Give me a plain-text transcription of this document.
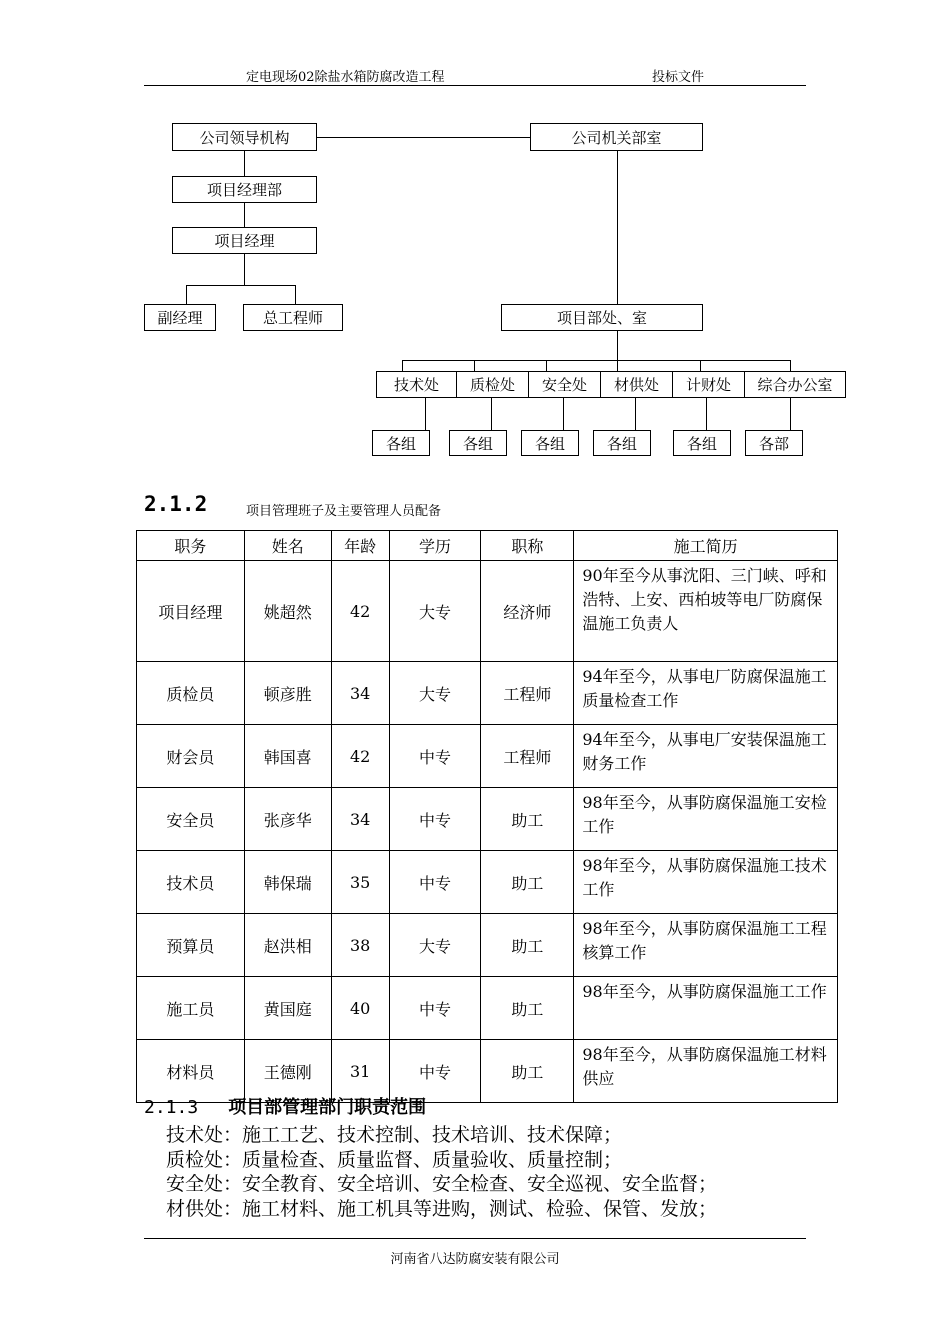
定电现场02除盐水箱防腐改造工程	投标文件
公司领导机构	公司机关部室
项目经理部
项目经理
副经理	总工程师	项目部处、室
技术处	质检处	安全处	材供处	计财处	综合办公室
各组	各组	各组	各组	各组	各部
2.1.2	项目管理班子及主要管理人员配备
职务	姓名	年龄	学历	职称	施工简历
项目经理	姚超然	42	大专	经济师	90年至今从事沈阳、三门峡、呼和浩特、上安、西柏坡等电厂防腐保温施工负责人
质检员	顿彦胜	34	大专	工程师	94年至今，从事电厂防腐保温施工质量检查工作
财会员	韩国喜	42	中专	工程师	94年至今，从事电厂安装保温施工财务工作
安全员	张彦华	34	中专	助工	98年至今，从事防腐保温施工安检工作
技术员	韩保瑞	35	中专	助工	98年至今，从事防腐保温施工技术工作
预算员	赵洪相	38	大专	助工	98年至今，从事防腐保温施工工程核算工作
施工员	黄国庭	40	中专	助工	98年至今，从事防腐保温施工工作
材料员	王德刚	31	中专	助工	98年至今，从事防腐保温施工材料供应
2.1.3 项目部管理部门职责范围
技术处：施工工艺、技术控制、技术培训、技术保障；
质检处：质量检查、质量监督、质量验收、质量控制；
安全处：安全教育、安全培训、安全检查、安全巡视、安全监督；
材供处：施工材料、施工机具等进购，测试、检验、保管、发放；
河南省八达防腐安装有限公司
